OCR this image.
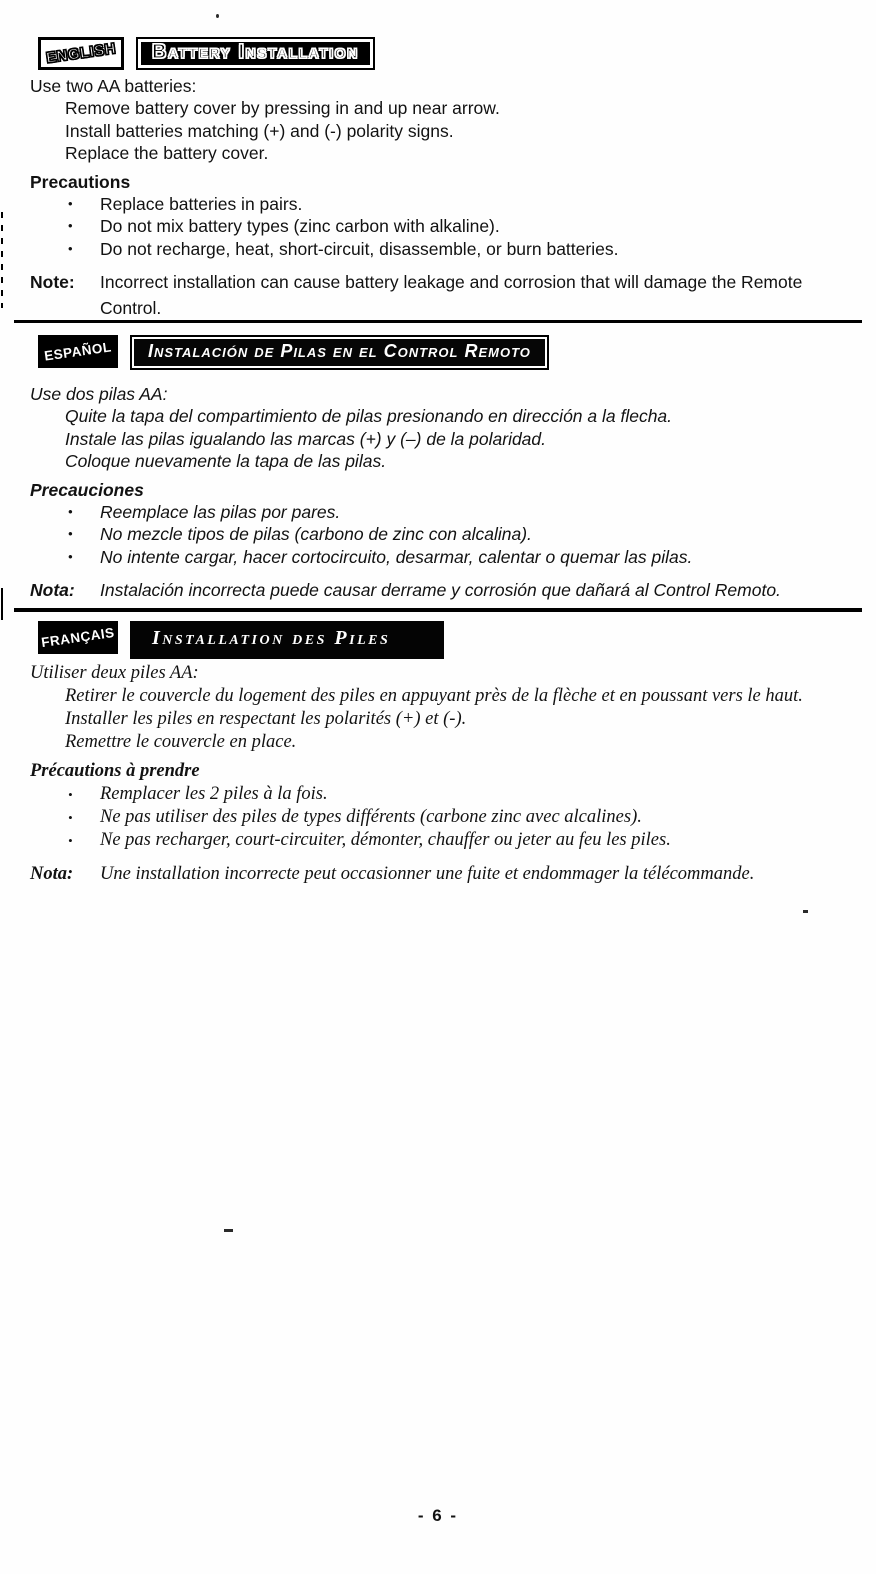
ENGLISH	Battery Installation
Use two AA batteries:
Remove battery cover by pressing in and up near arrow.
Install batteries matching (+) and (-) polarity signs.
Replace the battery cover.
Precautions
•	Replace batteries in pairs.
•	Do not mix battery types (zinc carbon with alkaline).
•	Do not recharge, heat, short-circuit, disassemble, or burn batteries.
Note:	Incorrect installation can cause battery leakage and corrosion that will damage the Remote Control.
ESPAÑOL	Instalación de Pilas en el Control Remoto
Use dos pilas AA:
Quite la tapa del compartimiento de pilas presionando en dirección a la flecha.
Instale las pilas igualando las marcas (+) y (–) de la polaridad.
Coloque nuevamente la tapa de las pilas.
Precauciones
•	Reemplace las pilas por pares.
•	No mezcle tipos de pilas (carbono de zinc con alcalina).
•	No intente cargar, hacer cortocircuito, desarmar, calentar o quemar las pilas.
Nota:	Instalación incorrecta puede causar derrame y corrosión que dañará al Control Remoto.
FRANÇAIS	Installation des Piles
Utiliser deux piles AA:
Retirer le couvercle du logement des piles en appuyant près de la flèche et en poussant vers le haut.
Installer les piles en respectant les polarités (+) et (-).
Remettre le couvercle en place.
Précautions à prendre
•	Remplacer les 2 piles à la fois.
•	Ne pas utiliser des piles de types différents (carbone zinc avec alcalines).
•	Ne pas recharger, court-circuiter, démonter, chauffer ou jeter au feu les piles.
Nota:	Une installation incorrecte peut occasionner une fuite et endommager la télécommande.
- 6 -
